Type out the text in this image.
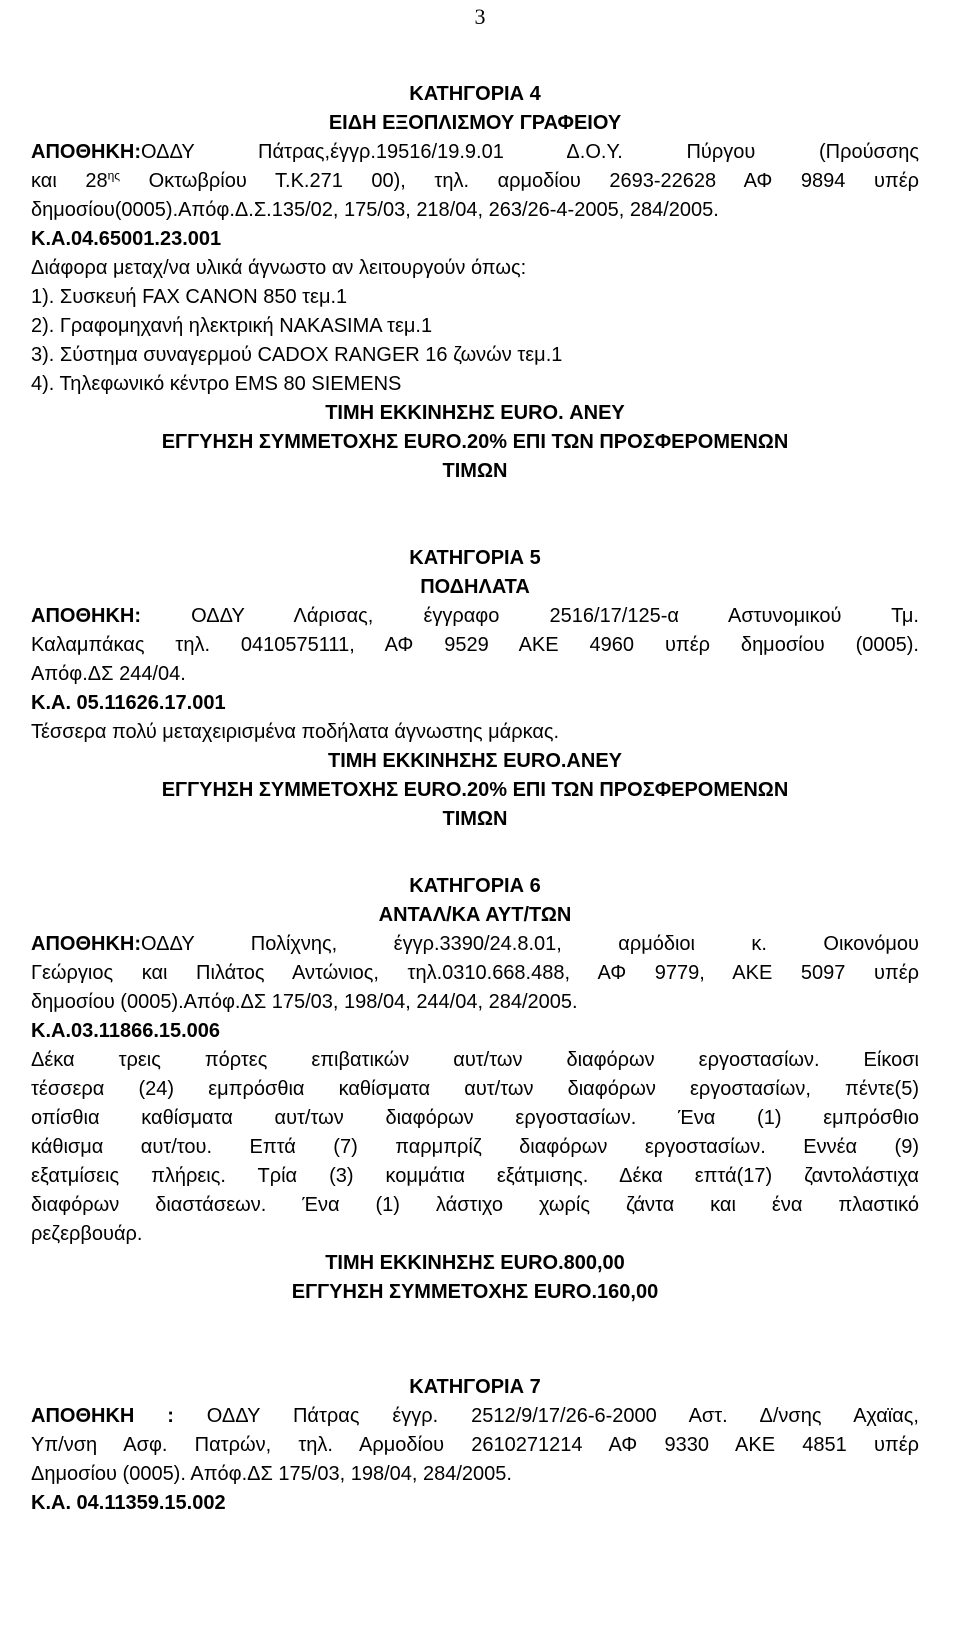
3
ΚΑΤΗΓΟΡΙΑ 4
ΕΙΔΗ ΕΞΟΠΛΙΣΜΟΥ ΓΡΑΦΕΙΟΥ
ΑΠΟΘΗΚΗ:ΟΔΔΥ Πάτρας,έγγρ.19516/19.9.01 Δ.Ο.Υ. Πύργου (Προύσσης
και $28^{\eta\varsigma}$ Οκτωβρίου Τ.Κ.271 00), τηλ. αρμοδίου 2693-22628 ΑΦ 9894 υπέρ
δημοσίου(0005).Απόφ.Δ.Σ.135/02, 175/03, 218/04, 263/26-4-2005, 284/2005.
Κ.Α.04.65001.23.001
Διάφορα μεταχ/να υλικά άγνωστο αν λειτουργούν όπως:
1). Συσκευή FAX CANON 850 τεμ.1
2). Γραφομηχανή ηλεκτρική NAKASIMA τεμ.1
3). Σύστημα συναγερμού CADOX RANGER 16 ζωνών τεμ.1
4). Τηλεφωνικό κέντρο EMS 80 SIEMENS
ΤΙΜΗ ΕΚΚΙΝΗΣΗΣ EURO. ΑΝΕΥ
ΕΓΓΥΗΣΗ ΣΥΜΜΕΤΟΧΗΣ EURO.20% ΕΠΙ ΤΩΝ ΠΡΟΣΦΕΡΟΜΕΝΩΝ
ΤΙΜΩΝ
ΚΑΤΗΓΟΡΙΑ 5
ΠΟΔΗΛΑΤΑ
ΑΠΟΘΗΚΗ: ΟΔΔΥ Λάρισας, έγγραφο 2516/17/125-α Αστυνομικού Τμ.
Καλαμπάκας τηλ. 0410575111, ΑΦ 9529 ΑΚΕ 4960 υπέρ δημοσίου (0005).
Απόφ.ΔΣ 244/04.
Κ.Α. 05.11626.17.001
Τέσσερα πολύ μεταχειρισμένα ποδήλατα άγνωστης μάρκας.
ΤΙΜΗ ΕΚΚΙΝΗΣΗΣ EURO.ΑΝΕΥ
ΕΓΓΥΗΣΗ ΣΥΜΜΕΤΟΧΗΣ EURO.20% ΕΠΙ ΤΩΝ ΠΡΟΣΦΕΡΟΜΕΝΩΝ
ΤΙΜΩΝ
ΚΑΤΗΓΟΡΙΑ 6
ΑΝΤΑΛ/ΚΑ ΑΥΤ/ΤΩΝ
ΑΠΟΘΗΚΗ:ΟΔΔΥ Πολίχνης, έγγρ.3390/24.8.01, αρμόδιοι κ. Οικονόμου
Γεώργιος και Πιλάτος Αντώνιος, τηλ.0310.668.488, ΑΦ 9779, ΑΚΕ 5097 υπέρ
δημοσίου (0005).Απόφ.ΔΣ 175/03, 198/04, 244/04, 284/2005.
Κ.Α.03.11866.15.006
Δέκα τρεις πόρτες επιβατικών αυτ/των διαφόρων εργοστασίων. Είκοσι
τέσσερα (24) εμπρόσθια καθίσματα αυτ/των διαφόρων εργοστασίων, πέντε(5)
οπίσθια καθίσματα αυτ/των διαφόρων εργοστασίων. Ένα (1) εμπρόσθιο
κάθισμα αυτ/του. Επτά (7) παρμπρίζ διαφόρων εργοστασίων. Εννέα (9)
εξατμίσεις πλήρεις. Τρία (3) κομμάτια εξάτμισης. Δέκα επτά(17) ζαντολάστιχα
διαφόρων διαστάσεων. Ένα (1) λάστιχο χωρίς ζάντα και ένα πλαστικό
ρεζερβουάρ.
ΤΙΜΗ ΕΚΚΙΝΗΣΗΣ EURO.800,00
ΕΓΓΥΗΣΗ ΣΥΜΜΕΤΟΧΗΣ EURO.160,00
ΚΑΤΗΓΟΡΙΑ 7
ΑΠΟΘΗΚΗ : ΟΔΔΥ Πάτρας έγγρ. 2512/9/17/26-6-2000 Αστ. Δ/νσης Αχαϊας,
Υπ/νση Ασφ. Πατρών, τηλ. Αρμοδίου 2610271214 ΑΦ 9330 ΑΚΕ 4851 υπέρ
Δημοσίου (0005). Απόφ.ΔΣ 175/03, 198/04, 284/2005.
Κ.Α. 04.11359.15.002
